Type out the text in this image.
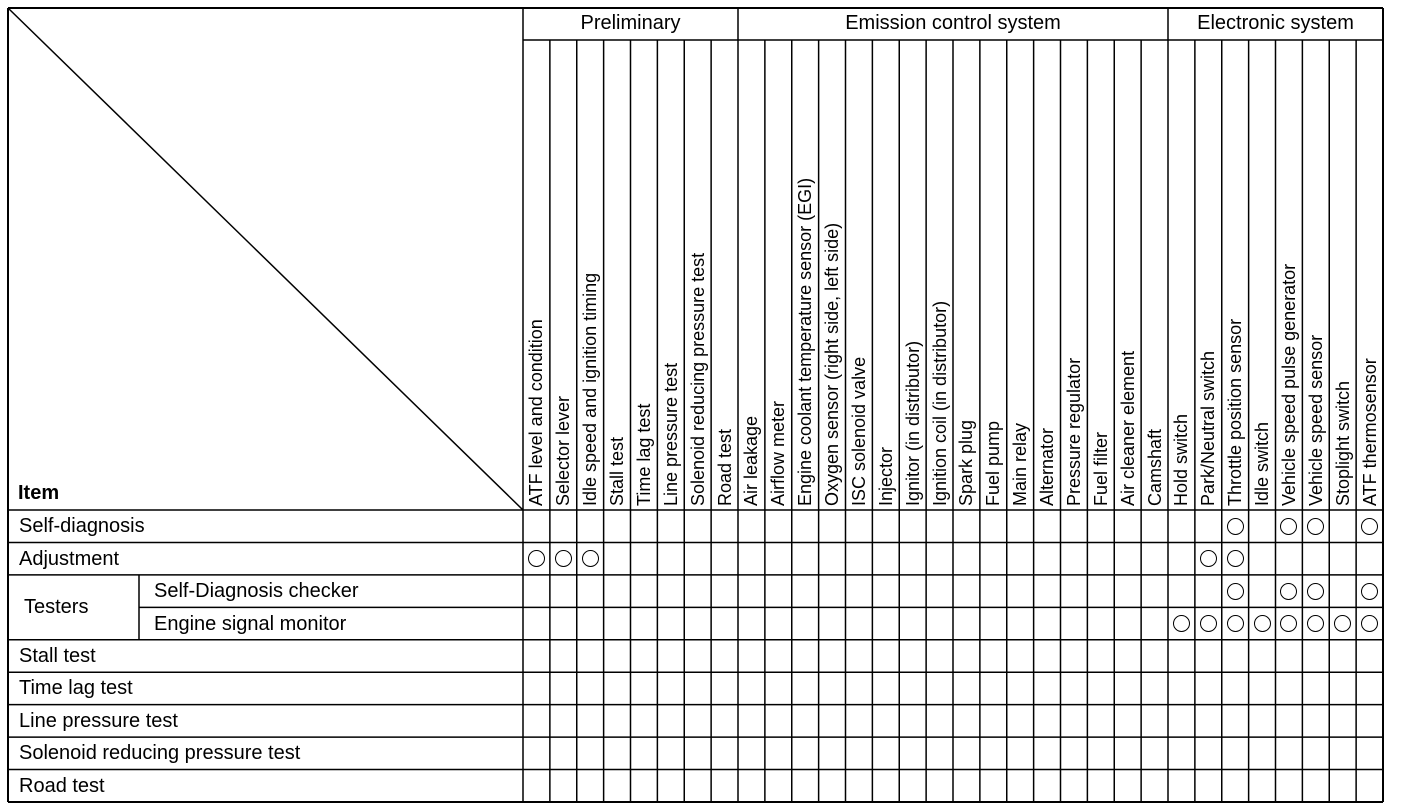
Item
Preliminary	Emission control system	Electronic system
ATF level and condition Selector lever Idle speed and ignition timing Stall test Time lag test Line pressure test Solenoid reducing pressure test Road test Air leakage Airflow meter Engine coolant temperature sensor (EGI) Oxygen sensor (right side, left side) ISC solenoid valve Injector Ignitor (in distributor) Ignition coil (in distributor) Spark plug Fuel pump Main relay Alternator Pressure regulator Fuel filter Air cleaner element Camshaft Hold switch Park/Neutral switch Throttle position sensor Idle switch Vehicle speed pulse generator Vehicle speed sensor Stoplight switch ATF thermosensor
Self-diagnosis
Adjustment
Self-Diagnosis checker
Engine signal monitor
Stall test
Time lag test
Line pressure test
Solenoid reducing pressure test
Road test
Testers
